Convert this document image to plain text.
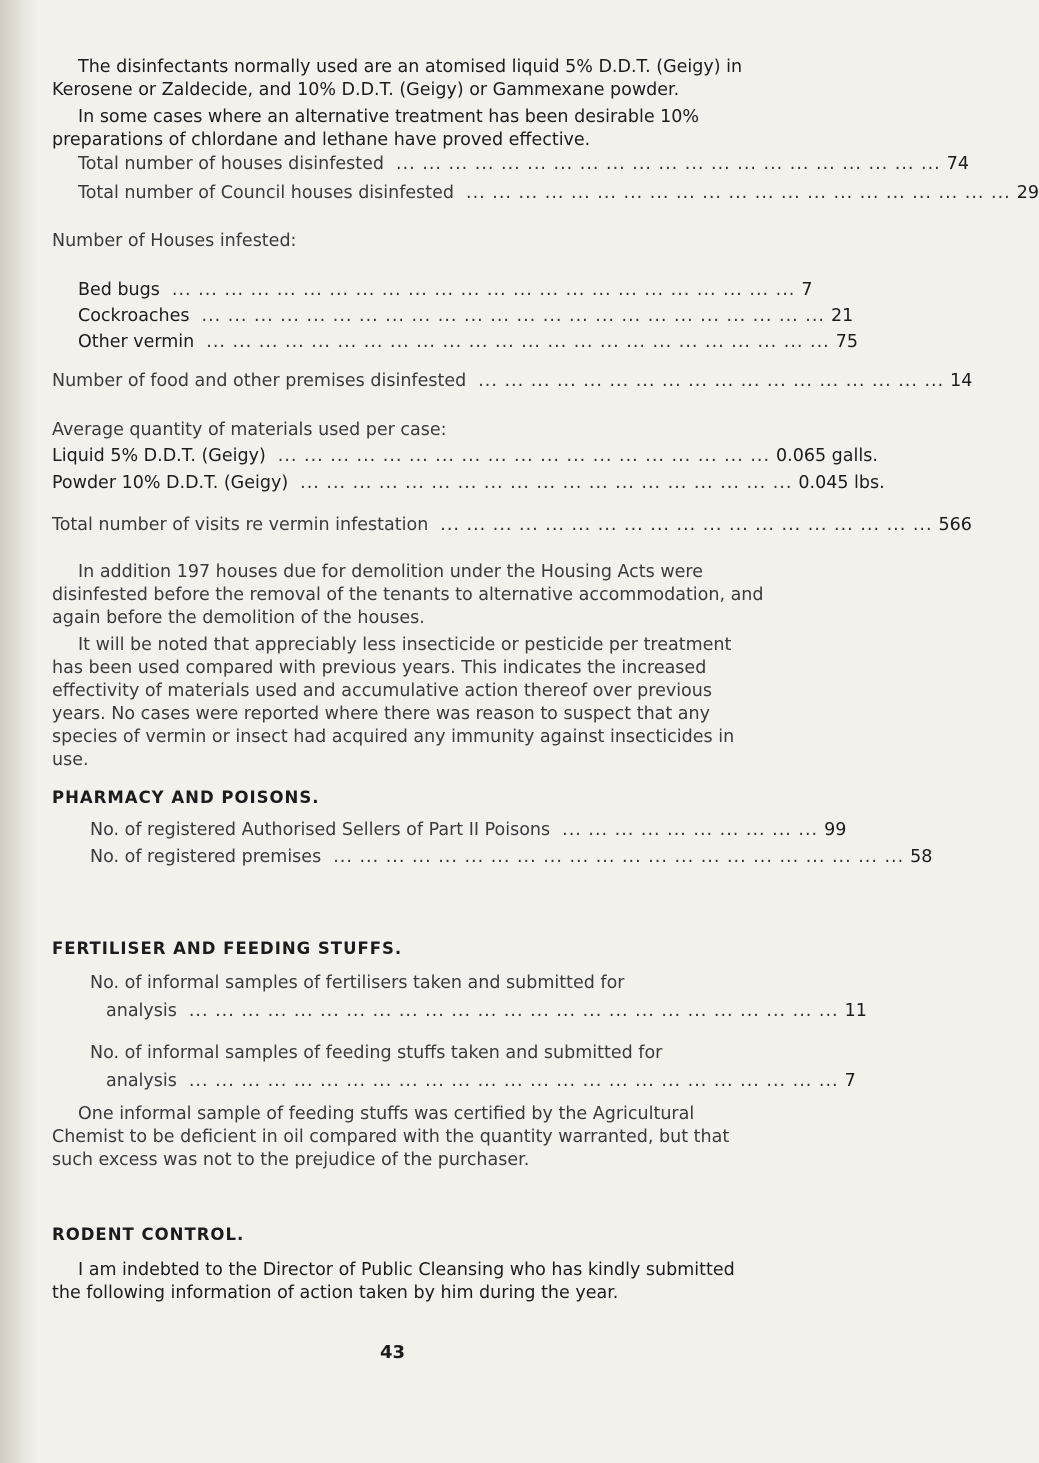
The disinfectants normally used are an atomised liquid 5% D.D.T. (Geigy) in Kerosene or Zaldecide, and 10% D.D.T. (Geigy) or Gammexane powder.

In some cases where an alternative treatment has been desirable 10% preparations of chlordane and lethane have proved effective.

Total number of houses disinfested ... ... ... ... ... ... ... ... ... ... ... ... ... ... ... ... ... ... ... ... ... 74
Total number of Council houses disinfested ... ... ... ... ... ... ... ... ... ... ... ... ... ... ... ... ... ... ... ... ... 29

Number of Houses infested:

Bed bugs ... ... ... ... ... ... ... ... ... ... ... ... ... ... ... ... ... ... ... ... ... ... ... ... 7
Cockroaches ... ... ... ... ... ... ... ... ... ... ... ... ... ... ... ... ... ... ... ... ... ... ... ... 21
Other vermin ... ... ... ... ... ... ... ... ... ... ... ... ... ... ... ... ... ... ... ... ... ... ... ... 75
Number of food and other premises disinfested ... ... ... ... ... ... ... ... ... ... ... ... ... ... ... ... ... ... 14

Average quantity of materials used per case:

Liquid 5% D.D.T. (Geigy) ... ... ... ... ... ... ... ... ... ... ... ... ... ... ... ... ... ... ... 0.065 galls.
Powder 10% D.D.T. (Geigy) ... ... ... ... ... ... ... ... ... ... ... ... ... ... ... ... ... ... ... 0.045 lbs.
Total number of visits re vermin infestation ... ... ... ... ... ... ... ... ... ... ... ... ... ... ... ... ... ... ... 566

In addition 197 houses due for demolition under the Housing Acts were disinfested before the removal of the tenants to alternative accommodation, and again before the demolition of the houses.

It will be noted that appreciably less insecticide or pesticide per treatment has been used compared with previous years. This indicates the increased effectivity of materials used and accumulative action thereof over previous years. No cases were reported where there was reason to suspect that any species of vermin or insect had acquired any immunity against insecticides in use.

PHARMACY AND POISONS.
No. of registered Authorised Sellers of Part II Poisons ... ... ... ... ... ... ... ... ... ... 99
No. of registered premises ... ... ... ... ... ... ... ... ... ... ... ... ... ... ... ... ... ... ... ... ... ... 58
FERTILISER AND FEEDING STUFFS.

No. of informal samples of fertilisers taken and submitted for

analysis ... ... ... ... ... ... ... ... ... ... ... ... ... ... ... ... ... ... ... ... ... ... ... ... ... 11

No. of informal samples of feeding stuffs taken and submitted for

analysis ... ... ... ... ... ... ... ... ... ... ... ... ... ... ... ... ... ... ... ... ... ... ... ... ... 7

One informal sample of feeding stuffs was certified by the Agricultural Chemist to be deficient in oil compared with the quantity warranted, but that such excess was not to the prejudice of the purchaser.

RODENT CONTROL.

I am indebted to the Director of Public Cleansing who has kindly submitted the following information of action taken by him during the year.

43
